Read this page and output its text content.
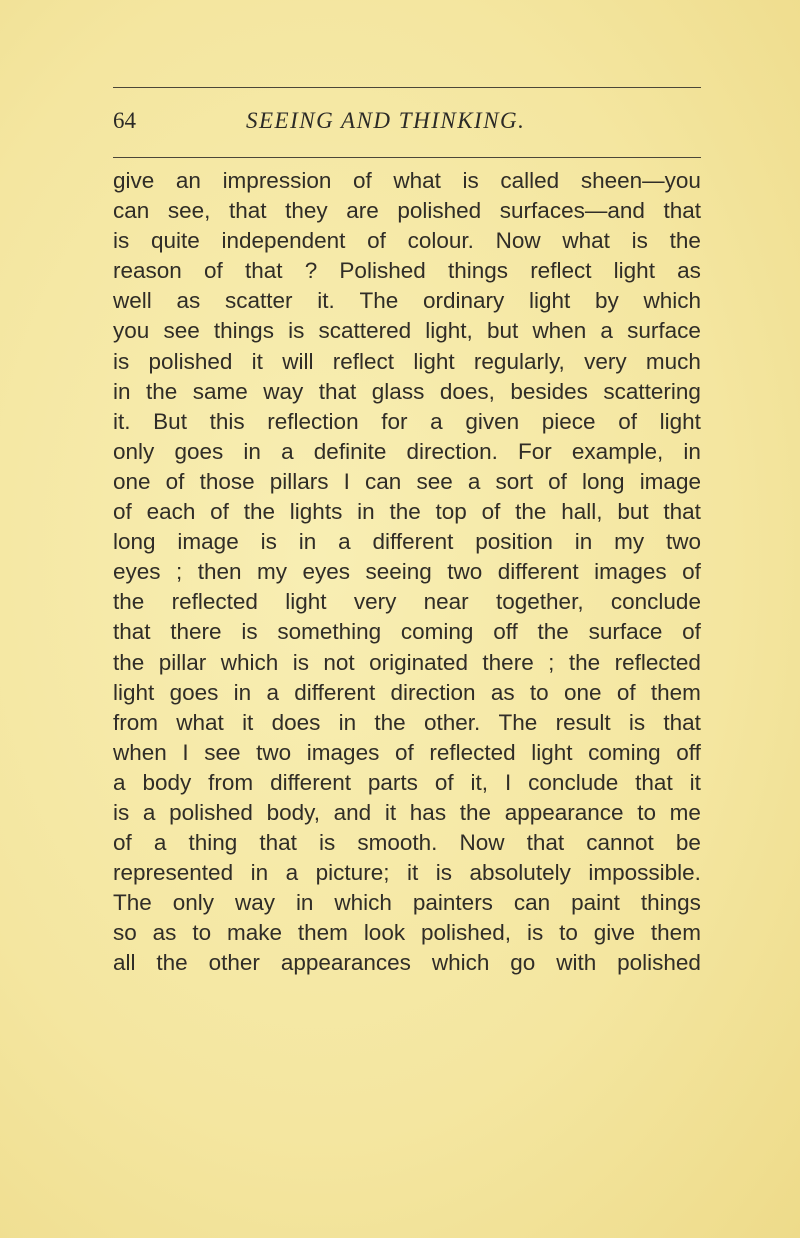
64	SEEING AND THINKING.
give an impression of what is called sheen—you
can see, that they are polished surfaces—and that
is quite independent of colour. Now what is the
reason of that ? Polished things reflect light as
well as scatter it. The ordinary light by which
you see things is scattered light, but when a surface
is polished it will reflect light regularly, very much
in the same way that glass does, besides scattering
it. But this reflection for a given piece of light
only goes in a definite direction. For example, in
one of those pillars I can see a sort of long image
of each of the lights in the top of the hall, but that
long image is in a different position in my two
eyes ; then my eyes seeing two different images of
the reflected light very near together, conclude
that there is something coming off the surface of
the pillar which is not originated there ; the reflected
light goes in a different direction as to one of them
from what it does in the other. The result is that
when I see two images of reflected light coming off
a body from different parts of it, I conclude that it
is a polished body, and it has the appearance to me
of a thing that is smooth. Now that cannot be
represented in a picture; it is absolutely impossible.
The only way in which painters can paint things
so as to make them look polished, is to give them
all the other appearances which go with polished
